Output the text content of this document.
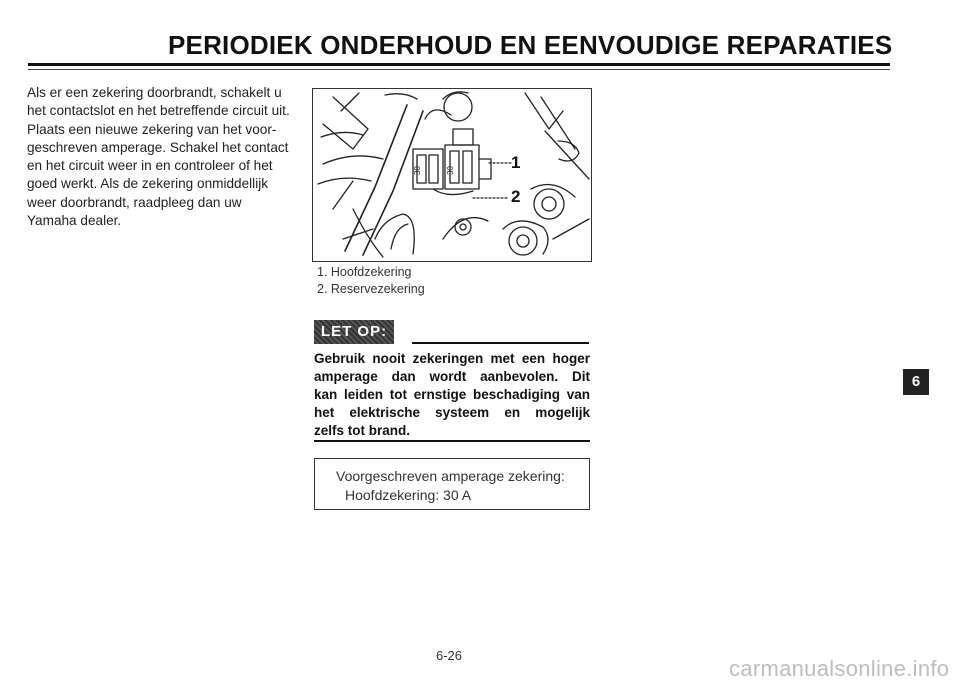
PERIODIEK ONDERHOUD EN EENVOUDIGE REPARATIES

Als er een zekering doorbrandt, schakelt u

het contactslot en het betreffende circuit uit.

Plaats een nieuwe zekering van het voor-

geschreven amperage. Schakel het contact

en het circuit weer in en controleer of het

goed werkt. Als de zekering onmiddellijk

weer doorbrandt, raadpleeg dan uw

Yamaha dealer.

30	30	1
2
1. Hoofdzekering
2. Reservezekering
LET OP:
Gebruik nooit zekeringen met een hoger
amperage dan wordt aanbevolen. Dit
kan leiden tot ernstige beschadiging van
het elektrische systeem en mogelijk
zelfs tot brand.
Voorgeschreven amperage zekering:
Hoofdzekering: 30 A
6
6-26
carmanualsonline.info
